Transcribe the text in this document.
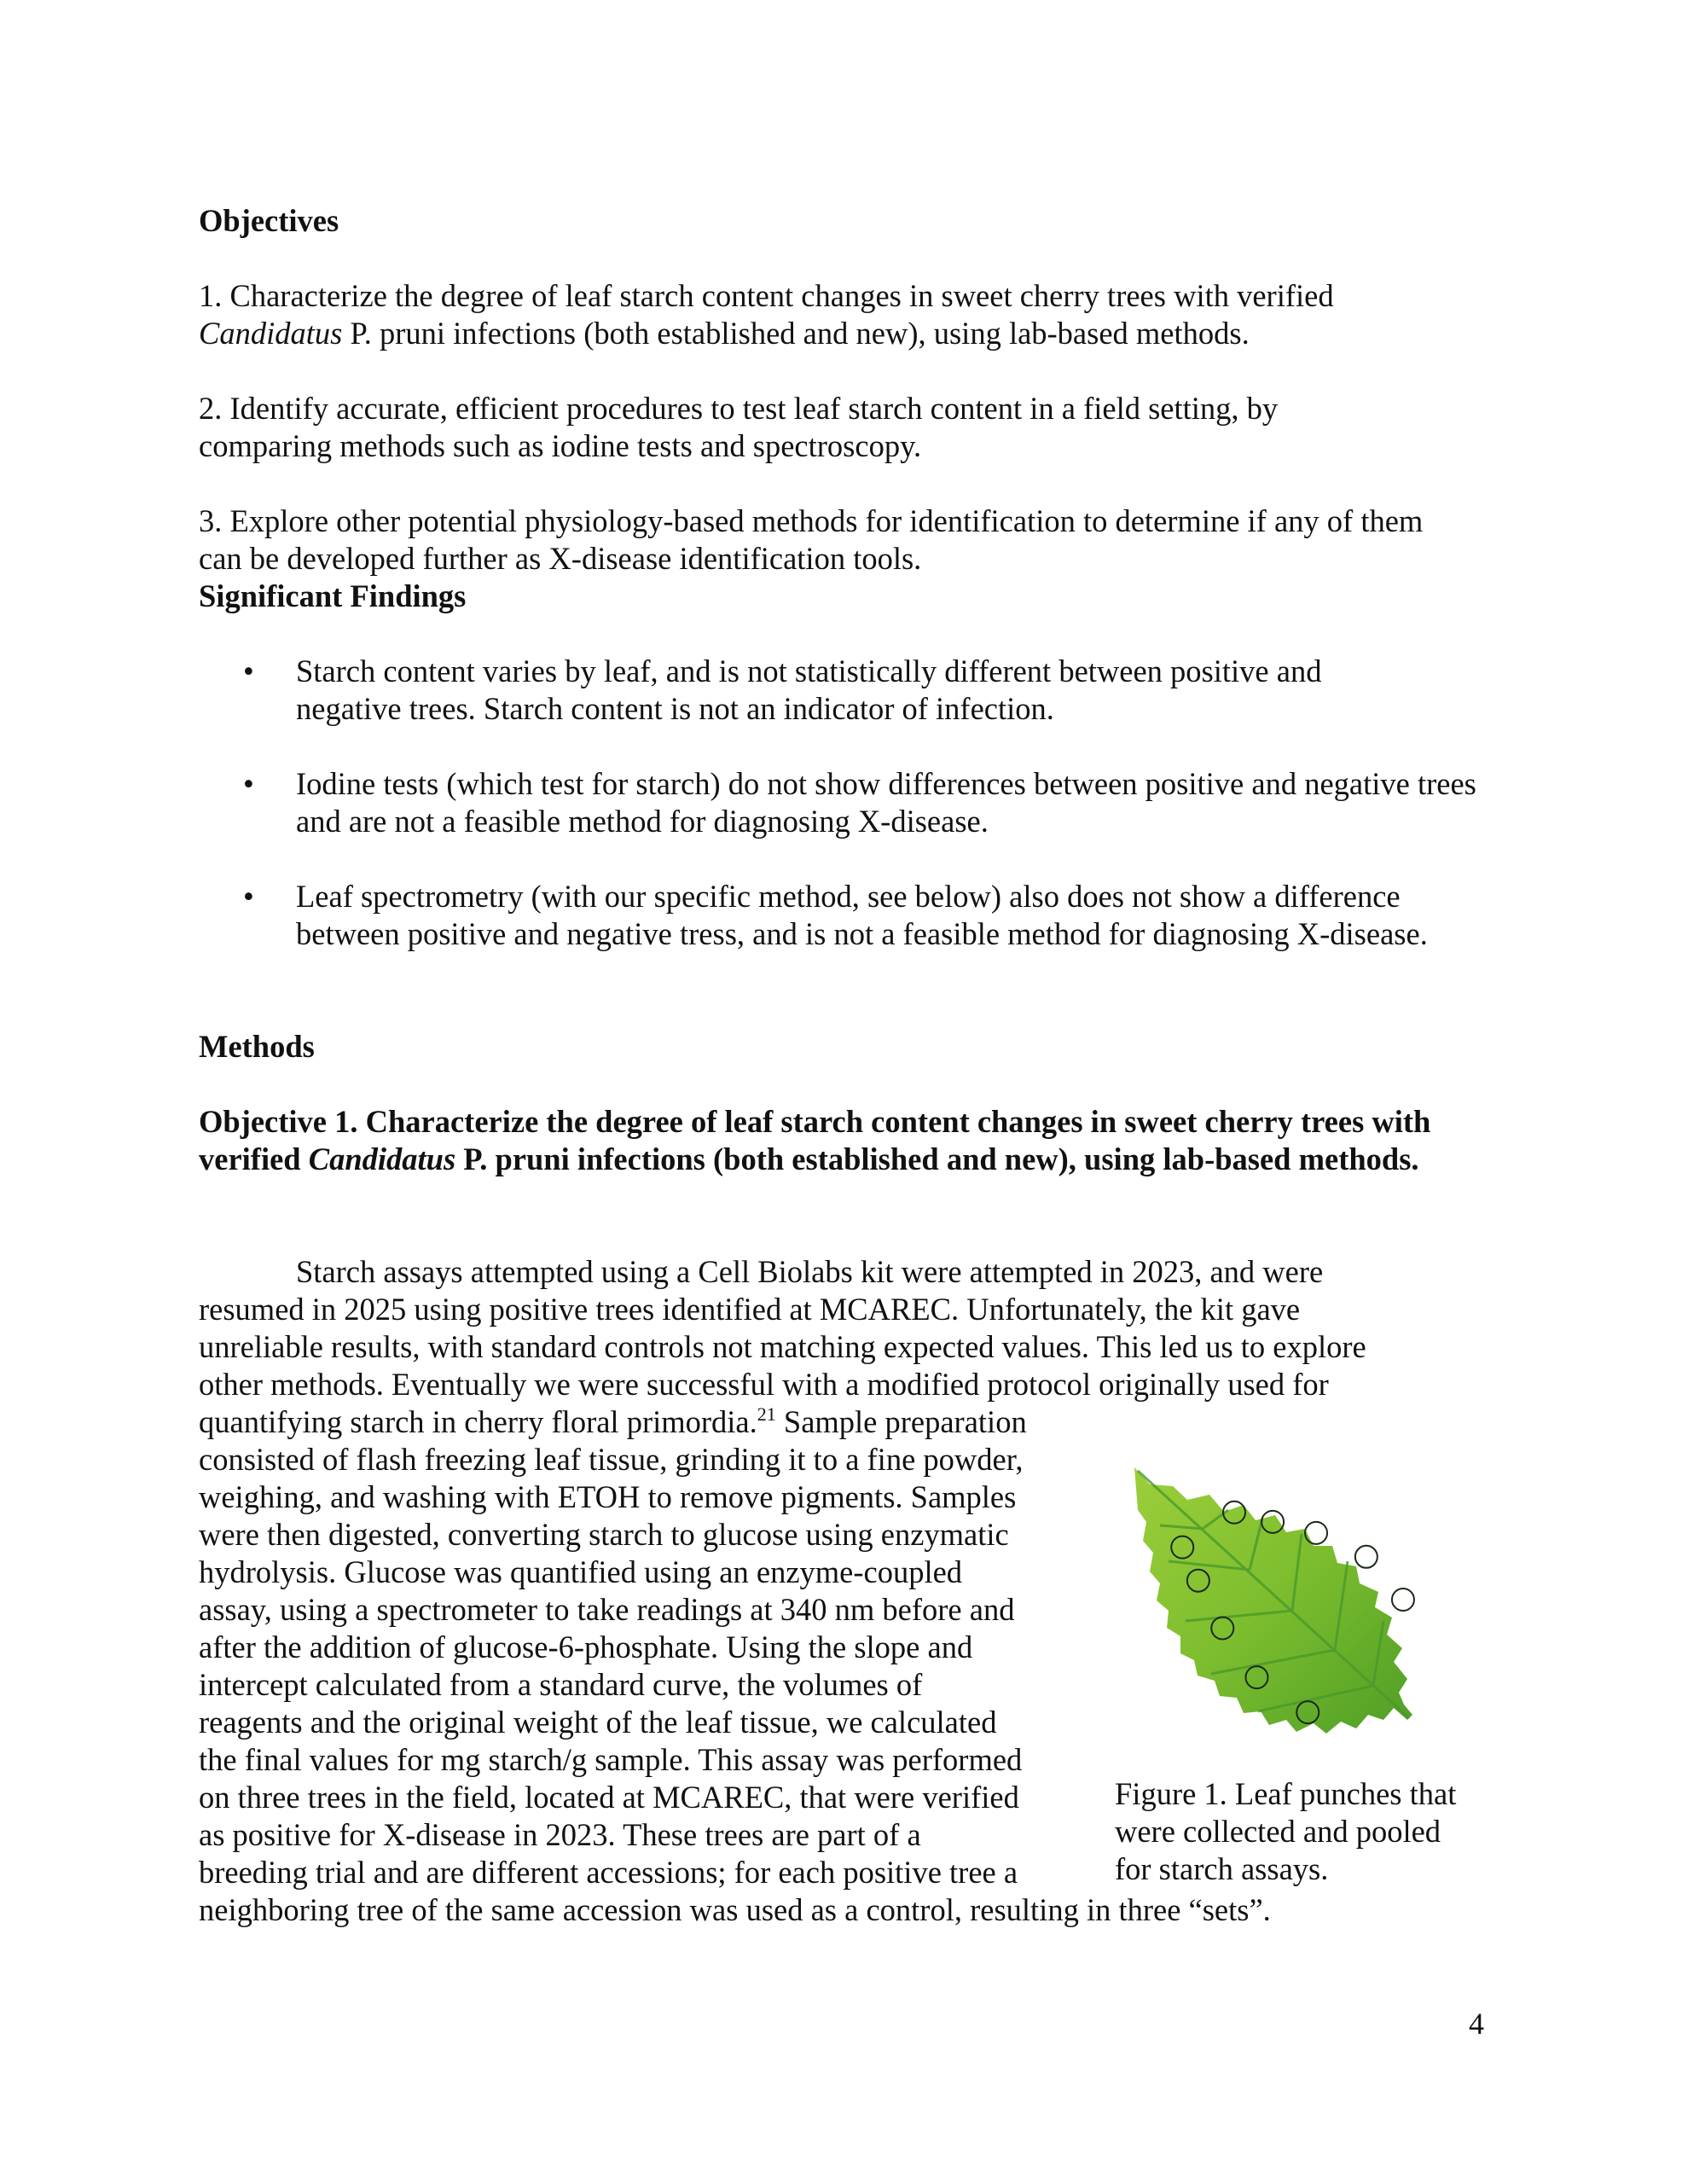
Objectives

1. Characterize the degree of leaf starch content changes in sweet cherry trees with verified
Candidatus P. pruni infections (both established and new), using lab-based methods.

2. Identify accurate, efficient procedures to test leaf starch content in a field setting, by comparing methods such as iodine tests and spectroscopy.

3. Explore other potential physiology-based methods for identification to determine if any of them can be developed further as X-disease identification tools.

Significant Findings
• Starch content varies by leaf, and is not statistically different between positive and negative trees. Starch content is not an indicator of infection.
• Iodine tests (which test for starch) do not show differences between positive and negative trees and are not a feasible method for diagnosing X-disease.
• Leaf spectrometry (with our specific method, see below) also does not show a difference between positive and negative tress, and is not a feasible method for diagnosing X-disease.
Methods

Objective 1. Characterize the degree of leaf starch content changes in sweet cherry trees with verified Candidatus P. pruni infections (both established and new), using lab-based methods.

Starch assays attempted using a Cell Biolabs kit were attempted in 2023, and were
resumed in 2025 using positive trees identified at MCAREC. Unfortunately, the kit gave
unreliable results, with standard controls not matching expected values. This led us to explore
other methods. Eventually we were successful with a modified protocol originally used for
quantifying starch in cherry floral primordia.$^{21}$ Sample preparation
consisted of flash freezing leaf tissue, grinding it to a fine powder,
weighing, and washing with ETOH to remove pigments. Samples
were then digested, converting starch to glucose using enzymatic
hydrolysis. Glucose was quantified using an enzyme-coupled
assay, using a spectrometer to take readings at 340 nm before and
after the addition of glucose-6-phosphate. Using the slope and
intercept calculated from a standard curve, the volumes of
reagents and the original weight of the leaf tissue, we calculated
the final values for mg starch/g sample. This assay was performed
on three trees in the field, located at MCAREC, that were verified
as positive for X-disease in 2023. These trees are part of a
breeding trial and are different accessions; for each positive tree a
neighboring tree of the same accession was used as a control, resulting in three “sets”.
Figure 1. Leaf punches that
were collected and pooled
for starch assays.
4
